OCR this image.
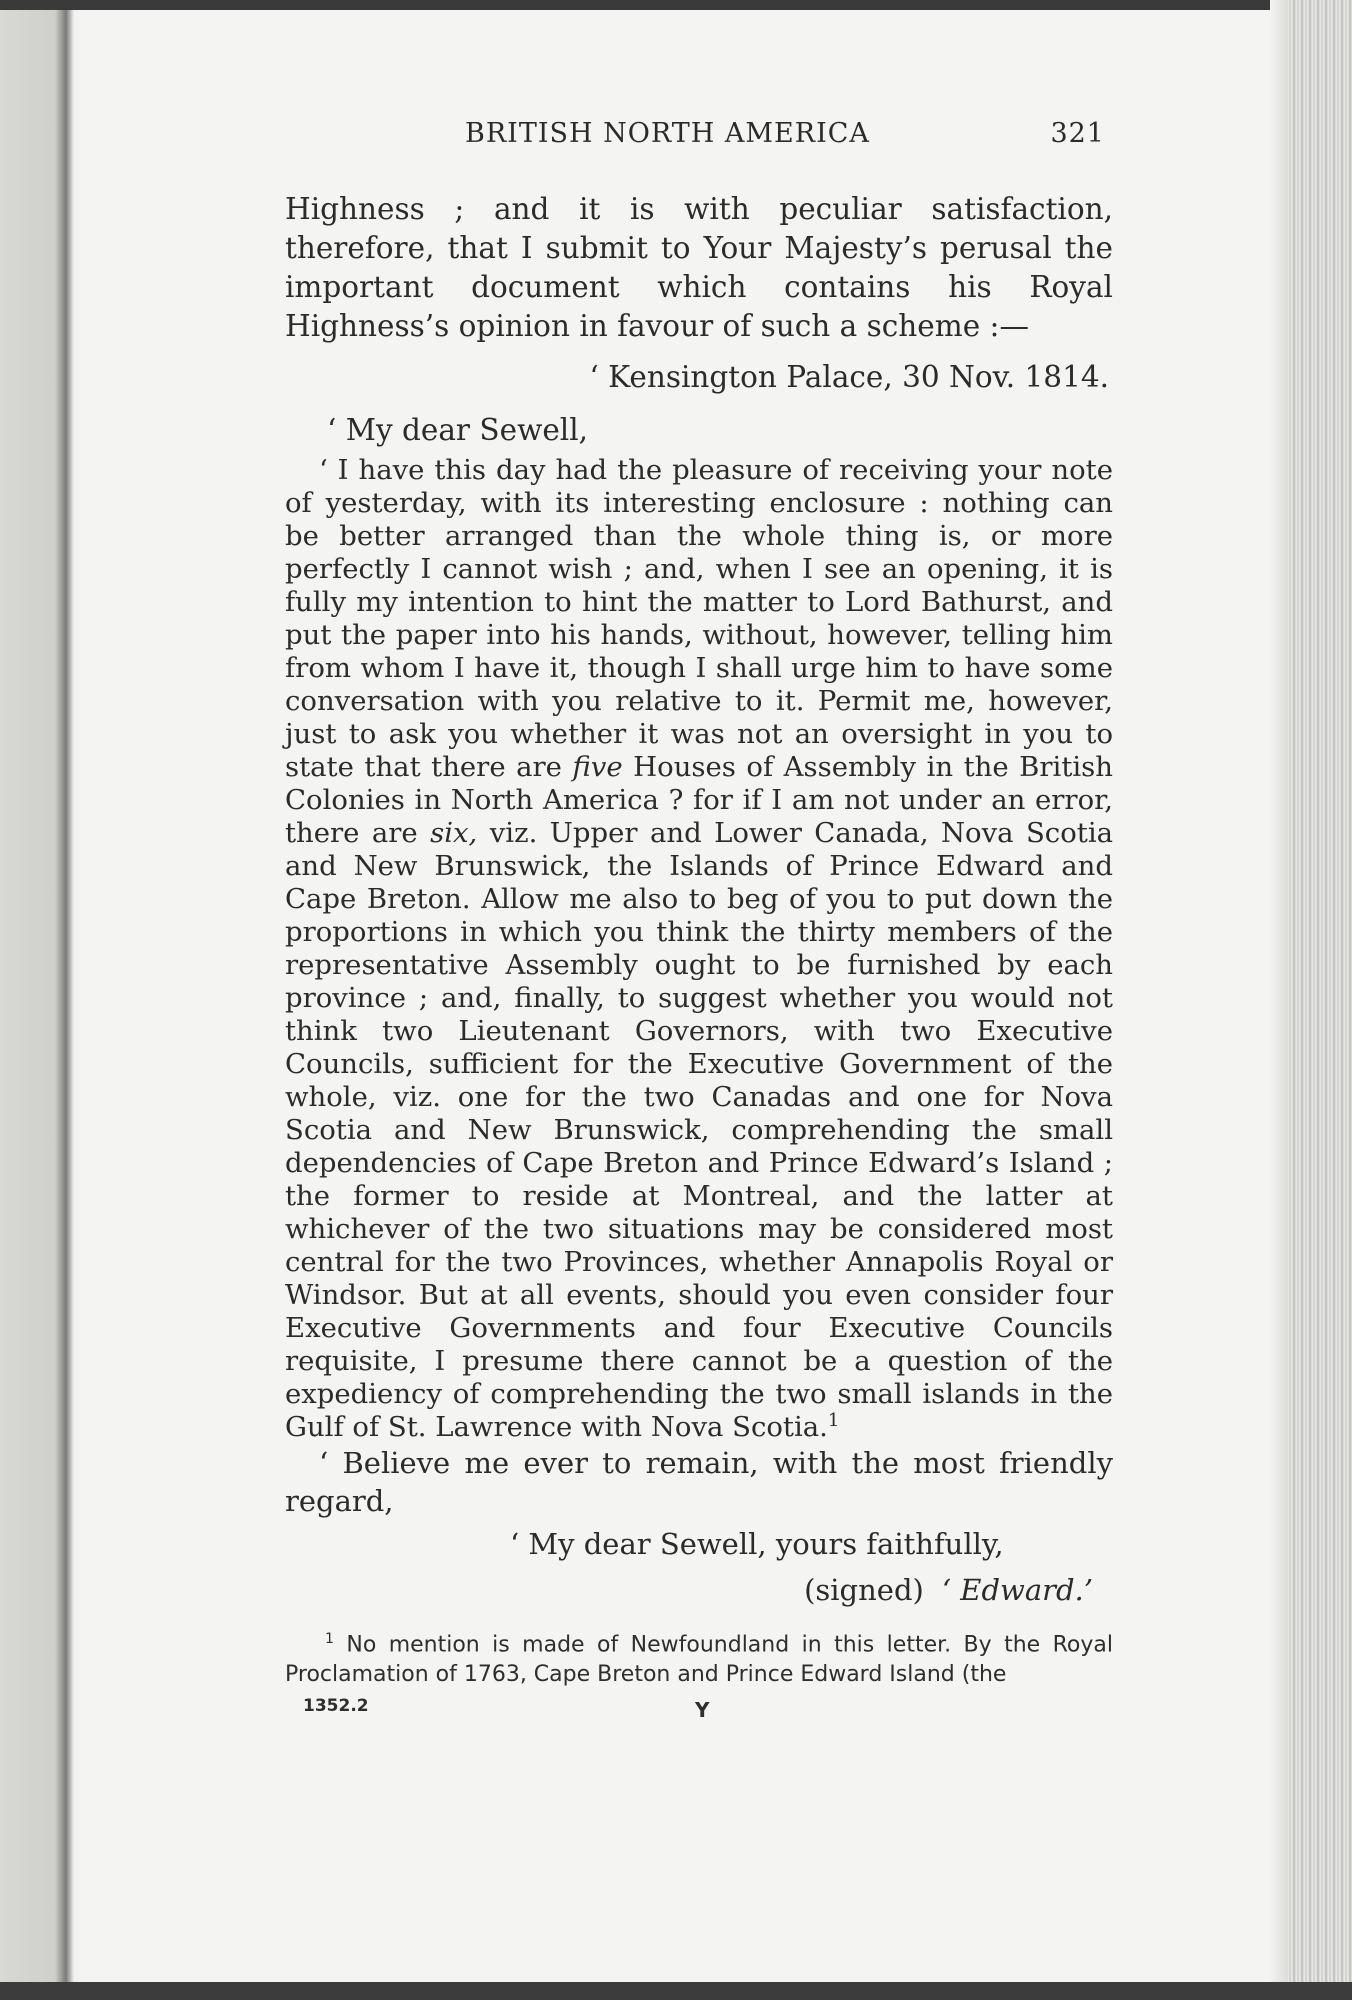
BRITISH NORTH AMERICA	321

Highness ; and it is with peculiar satisfaction, therefore, that I submit to Your Majesty’s perusal the important document which contains his Royal Highness’s opinion in favour of such a scheme :—

‘ Kensington Palace, 30 Nov. 1814.

‘ My dear Sewell,

‘ I have this day had the pleasure of receiving your note of yesterday, with its interesting enclosure : nothing can be better arranged than the whole thing is, or more perfectly I cannot wish ; and, when I see an opening, it is fully my intention to hint the matter to Lord Bathurst, and put the paper into his hands, without, however, telling him from whom I have it, though I shall urge him to have some conversation with you relative to it. Permit me, however, just to ask you whether it was not an oversight in you to state that there are five Houses of Assembly in the British Colonies in North America ? for if I am not under an error, there are six, viz. Upper and Lower Canada, Nova Scotia and New Brunswick, the Islands of Prince Edward and Cape Breton. Allow me also to beg of you to put down the proportions in which you think the thirty members of the representative Assembly ought to be furnished by each province ; and, finally, to suggest whether you would not think two Lieutenant Governors, with two Executive Councils, sufficient for the Executive Government of the whole, viz. one for the two Canadas and one for Nova Scotia and New Brunswick, comprehending the small dependencies of Cape Breton and Prince Edward’s Island ; the former to reside at Montreal, and the latter at whichever of the two situations may be considered most central for the two Provinces, whether Annapolis Royal or Windsor. But at all events, should you even consider four Executive Governments and four Executive Councils requisite, I presume there cannot be a question of the expediency of comprehending the two small islands in the Gulf of St. Lawrence with Nova Scotia.$^1$

‘ Believe me ever to remain, with the most friendly regard,

‘ My dear Sewell, yours faithfully,

(signed) ‘ Edward.’

$^1$ No mention is made of Newfoundland in this letter. By the Royal Proclamation of 1763, Cape Breton and Prince Edward Island (the
1352.2	Y
